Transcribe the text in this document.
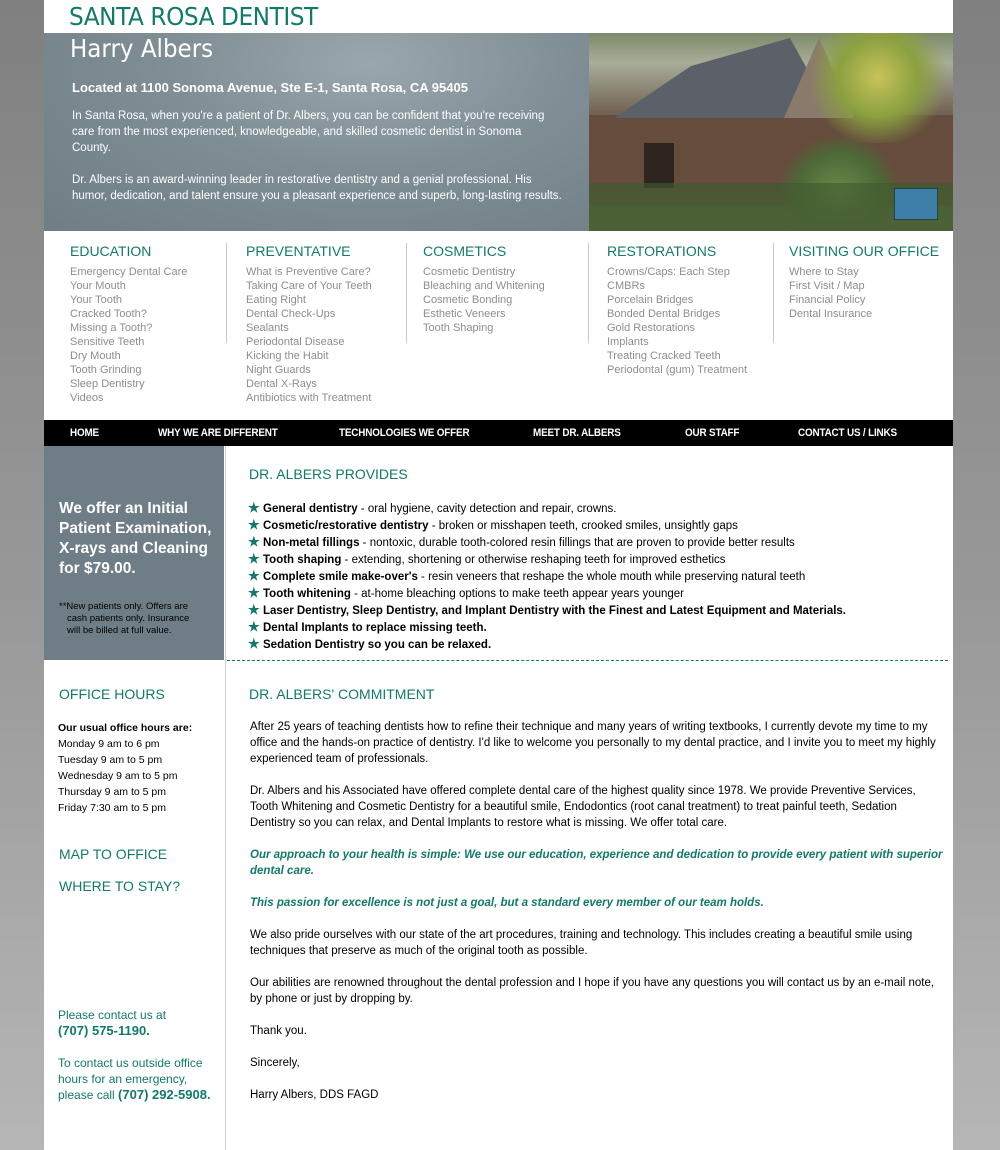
SANTA ROSA DENTIST
Harry Albers
Located at 1100 Sonoma Avenue, Ste E-1, Santa Rosa, CA 95405

In Santa Rosa, when you're a patient of Dr. Albers, you can be confident that you're receiving care from the most experienced, knowledgeable, and skilled cosmetic dentist in Sonoma County.

Dr. Albers is an award-winning leader in restorative dentistry and a genial professional. His humor, dedication, and talent ensure you a pleasant experience and superb, long-lasting results.

EDUCATION
Emergency Dental Care
Your Mouth
Your Tooth
Cracked Tooth?
Missing a Tooth?
Sensitive Teeth
Dry Mouth
Tooth Grinding
Sleep Dentistry
Videos
PREVENTATIVE
What is Preventive Care?
Taking Care of Your Teeth
Eating Right
Dental Check-Ups
Sealants
Periodontal Disease
Kicking the Habit
Night Guards
Dental X-Rays
Antibiotics with Treatment
COSMETICS
Cosmetic Dentistry
Bleaching and Whitening
Cosmetic Bonding
Esthetic Veneers
Tooth Shaping
RESTORATIONS
Crowns/Caps: Each Step
CMBRs
Porcelain Bridges
Bonded Dental Bridges
Gold Restorations
Implants
Treating Cracked Teeth
Periodontal (gum) Treatment
VISITING OUR OFFICE
Where to Stay
First Visit / Map
Financial Policy
Dental Insurance
HOME	WHY WE ARE DIFFERENT	TECHNOLOGIES WE OFFER	MEET DR. ALBERS	OUR STAFF	CONTACT US / LINKS

We offer an Initial Patient Examination, X-rays and Cleaning for $79.00.

**New patients only. Offers are
cash patients only. Insurance
will be billed at full value.

DR. ALBERS PROVIDES
★ General dentistry - oral hygiene, cavity detection and repair, crowns.
★ Cosmetic/restorative dentistry - broken or misshapen teeth, crooked smiles, unsightly gaps
★ Non-metal fillings - nontoxic, durable tooth-colored resin fillings that are proven to provide better results
★ Tooth shaping - extending, shortening or otherwise reshaping teeth for improved esthetics
★ Complete smile make-over's - resin veneers that reshape the whole mouth while preserving natural teeth
★ Tooth whitening - at-home bleaching options to make teeth appear years younger
★ Laser Dentistry, Sleep Dentistry, and Implant Dentistry with the Finest and Latest Equipment and Materials.
★ Dental Implants to replace missing teeth.
★ Sedation Dentistry so you can be relaxed.
OFFICE HOURS
Our usual office hours are:
Monday 9 am to 6 pm
Tuesday 9 am to 5 pm
Wednesday 9 am to 5 pm
Thursday 9 am to 5 pm
Friday 7:30 am to 5 pm
MAP TO OFFICE
WHERE TO STAY?

Please contact us at
(707) 575-1190.

To contact us outside office hours for an emergency, please call (707) 292-5908.

DR. ALBERS' COMMITMENT

After 25 years of teaching dentists how to refine their technique and many years of writing textbooks, I currently devote my time to my office and the hands-on practice of dentistry. I'd like to welcome you personally to my dental practice, and I invite you to meet my highly experienced team of professionals.

Dr. Albers and his Associated have offered complete dental care of the highest quality since 1978. We provide Preventive Services, Tooth Whitening and Cosmetic Dentistry for a beautiful smile, Endodontics (root canal treatment) to treat painful teeth, Sedation Dentistry so you can relax, and Dental Implants to restore what is missing. We offer total care.

Our approach to your health is simple: We use our education, experience and dedication to provide every patient with superior dental care.

This passion for excellence is not just a goal, but a standard every member of our team holds.

We also pride ourselves with our state of the art procedures, training and technology. This includes creating a beautiful smile using techniques that preserve as much of the original tooth as possible.

Our abilities are renowned throughout the dental profession and I hope if you have any questions you will contact us by an e-mail note, by phone or just by dropping by.

Thank you.

Sincerely,

Harry Albers, DDS FAGD
